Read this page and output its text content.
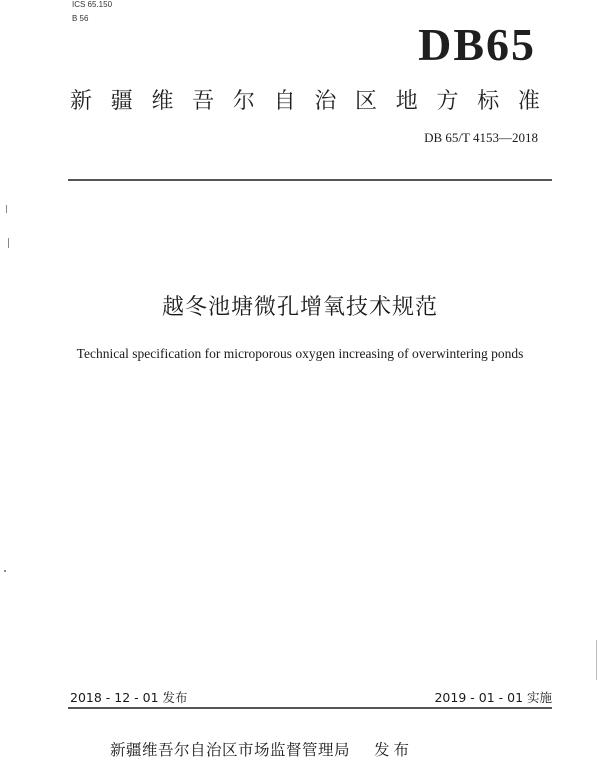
ICS 65.150
B 56
DB65
新 疆 维 吾 尔 自 治 区 地 方 标 准
DB 65/T 4153—2018
越冬池塘微孔增氧技术规范
Technical specification for microporous oxygen increasing of overwintering ponds
2018 - 12 - 01 发布	2019 - 01 - 01 实施
新疆维吾尔自治区市场监督管理局 发布
